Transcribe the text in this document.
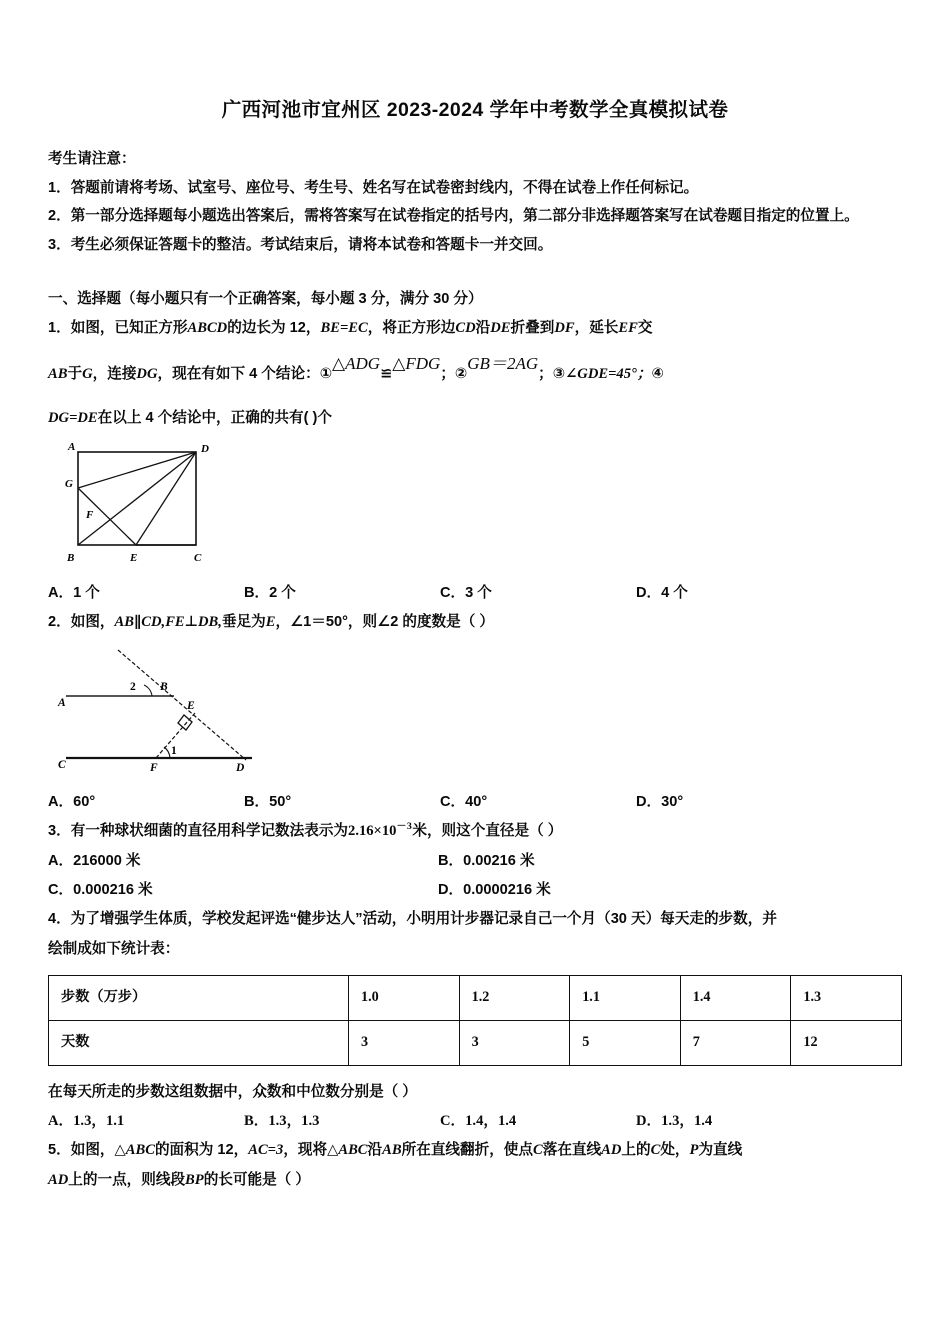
广西河池市宜州区 2023-2024 学年中考数学全真模拟试卷
考生请注意：
1．答题前请将考场、试室号、座位号、考生号、姓名写在试卷密封线内，不得在试卷上作任何标记。
2．第一部分选择题每小题选出答案后，需将答案写在试卷指定的括号内，第二部分非选择题答案写在试卷题目指定的位置上。
3．考生必须保证答题卡的整洁。考试结束后，请将本试卷和答题卡一并交回。
一、选择题（每小题只有一个正确答案，每小题 3 分，满分 30 分）
1．如图，已知正方形ABCD的边长为 12，BE=EC，将正方形边CD沿DE折叠到DF，延长EF交
AB于G，连接DG，现在有如下 4 个结论：①△ADG≌△FDG；②GB＝2AG；③∠GDE=45°；④
DG=DE在以上 4 个结论中，正确的共有( )个
A	D
G
F
B	E	C
A．1 个	B．2 个	C．3 个	D．4 个
2．如图，AB∥CD,FE⊥DB,垂足为E，∠1＝50°，则∠2 的度数是（ ）
2 B
E
A
1
C	F	D
A．60°	B．50°	C．40°	D．30°
3．有一种球状细菌的直径用科学记数法表示为$2.16\times 10^{-3}$米，则这个直径是（ ）
A．216000 米	B．0.00216 米
C．0.000216 米	D．0.0000216 米
4．为了增强学生体质，学校发起评选“健步达人”活动，小明用计步器记录自己一个月（30 天）每天走的步数，并
绘制成如下统计表：
步数（万步）	1.0	1.2	1.1	1.4	1.3
天数	3	3	5	7	12
在每天所走的步数这组数据中，众数和中位数分别是（ ）
A．1.3，1.1	B．1.3，1.3	C．1.4，1.4	D．1.3，1.4
5．如图，△ABC的面积为 12，AC=3，现将△ABC沿AB所在直线翻折，使点C落在直线AD上的C处，P为直线
AD上的一点，则线段BP的长可能是（ ）
